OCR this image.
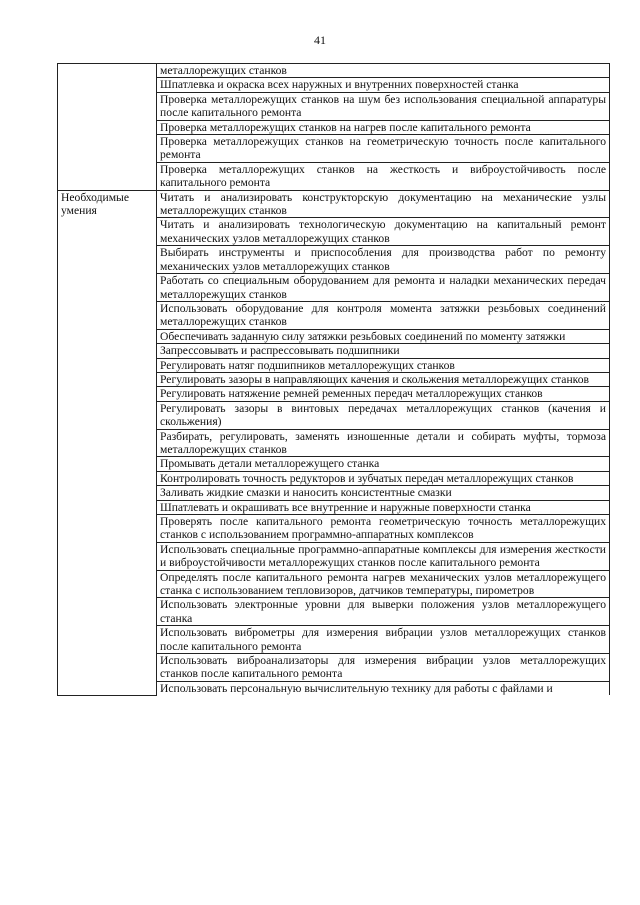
41
	металлорежущих станков
	Шпатлевка и окраска всех наружных и внутренних поверхностей станка
	Проверка металлорежущих станков на шум без использования специальной аппаратуры после капитального ремонта
	Проверка металлорежущих станков на нагрев после капитального ремонта
	Проверка металлорежущих станков на геометрическую точность после капитального ремонта
	Проверка металлорежущих станков на жесткость и виброустойчивость после капитального ремонта
Необходимые умения	Читать и анализировать конструкторскую документацию на механические узлы металлорежущих станков
	Читать и анализировать технологическую документацию на капитальный ремонт механических узлов металлорежущих станков
	Выбирать инструменты и приспособления для производства работ по ремонту механических узлов металлорежущих станков
	Работать со специальным оборудованием для ремонта и наладки механических передач металлорежущих станков
	Использовать оборудование для контроля момента затяжки резьбовых соединений металлорежущих станков
	Обеспечивать заданную силу затяжки резьбовых соединений по моменту затяжки
	Запрессовывать и распрессовывать подшипники
	Регулировать натяг подшипников металлорежущих станков
	Регулировать зазоры в направляющих качения и скольжения металлорежущих станков
	Регулировать натяжение ремней ременных передач металлорежущих станков
	Регулировать зазоры в винтовых передачах металлорежущих станков (качения и скольжения)
	Разбирать, регулировать, заменять изношенные детали и собирать муфты, тормоза металлорежущих станков
	Промывать детали металлорежущего станка
	Контролировать точность редукторов и зубчатых передач металлорежущих станков
	Заливать жидкие смазки и наносить консистентные смазки
	Шпатлевать и окрашивать все внутренние и наружные поверхности станка
	Проверять после капитального ремонта геометрическую точность металлорежущих станков с использованием программно-аппаратных комплексов
	Использовать специальные программно-аппаратные комплексы для измерения жесткости и виброустойчивости металлорежущих станков после капитального ремонта
	Определять после капитального ремонта нагрев механических узлов металлорежущего станка с использованием тепловизоров, датчиков температуры, пирометров
	Использовать электронные уровни для выверки положения узлов металлорежущего станка
	Использовать виброметры для измерения вибрации узлов металлорежущих станков после капитального ремонта
	Использовать виброанализаторы для измерения вибрации узлов металлорежущих станков после капитального ремонта
	Использовать персональную вычислительную технику для работы с файлами и
